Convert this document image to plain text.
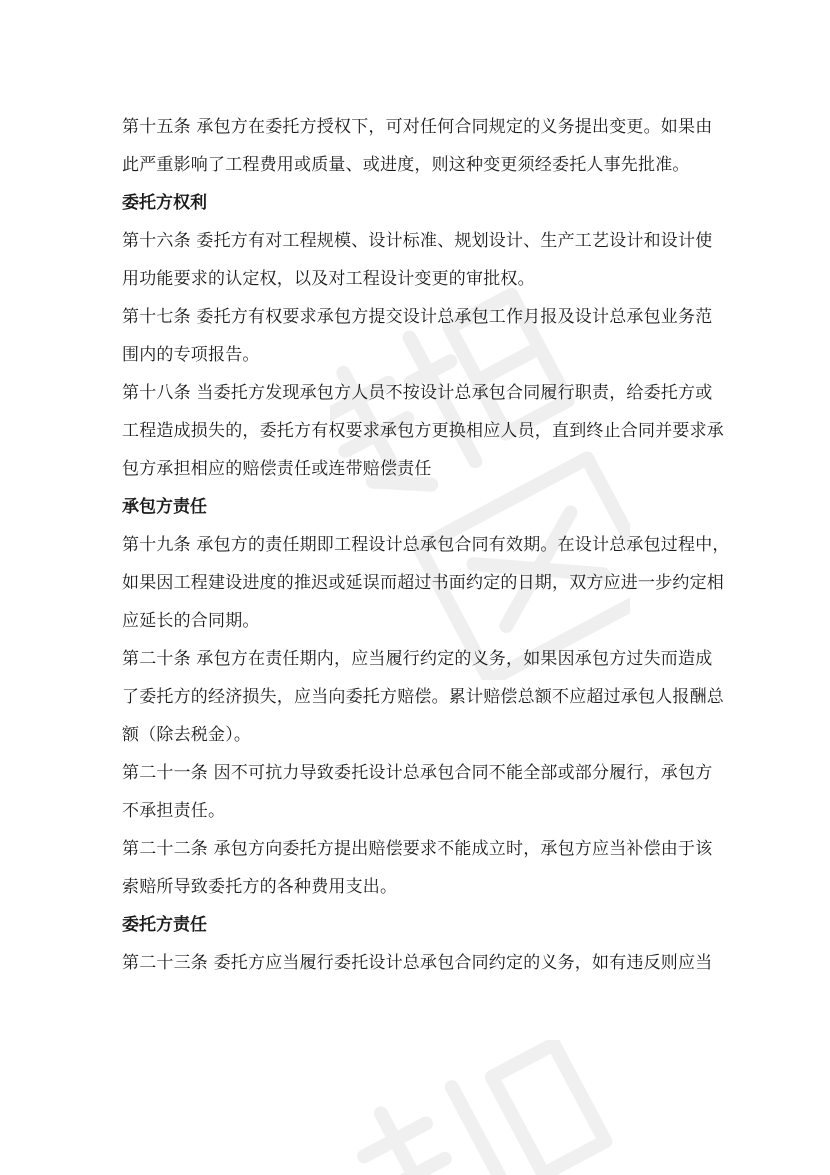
第十五条 承包方在委托方授权下，可对任何合同规定的义务提出变更。如果由
此严重影响了工程费用或质量、或进度，则这种变更须经委托人事先批准。

委托方权利

第十六条 委托方有对工程规模、设计标准、规划设计、生产工艺设计和设计使
用功能要求的认定权，以及对工程设计变更的审批权。

第十七条 委托方有权要求承包方提交设计总承包工作月报及设计总承包业务范
围内的专项报告。

第十八条 当委托方发现承包方人员不按设计总承包合同履行职责，给委托方或
工程造成损失的，委托方有权要求承包方更换相应人员，直到终止合同并要求承
包方承担相应的赔偿责任或连带赔偿责任

承包方责任

第十九条 承包方的责任期即工程设计总承包合同有效期。在设计总承包过程中，
如果因工程建设进度的推迟或延误而超过书面约定的日期，双方应进一步约定相
应延长的合同期。

第二十条 承包方在责任期内，应当履行约定的义务，如果因承包方过失而造成
了委托方的经济损失，应当向委托方赔偿。累计赔偿总额不应超过承包人报酬总
额（除去税金）。

第二十一条 因不可抗力导致委托设计总承包合同不能全部或部分履行，承包方
不承担责任。

第二十二条 承包方向委托方提出赔偿要求不能成立时，承包方应当补偿由于该
索赔所导致委托方的各种费用支出。

委托方责任

第二十三条 委托方应当履行委托设计总承包合同约定的义务，如有违反则应当
